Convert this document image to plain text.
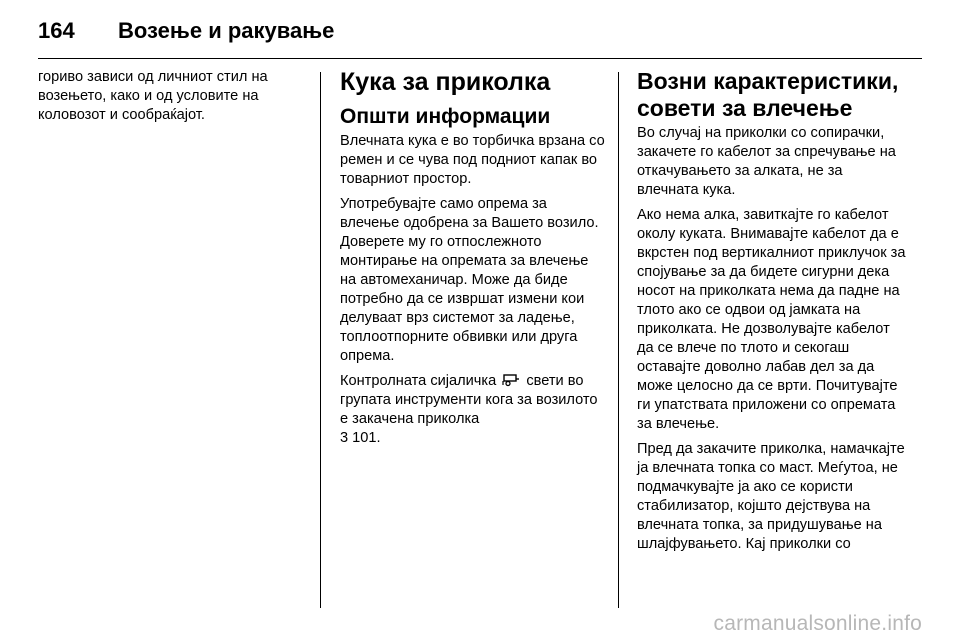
164	Возење и ракување

гориво зависи од личниот стил на возењето, како и од условите на коловозот и сообраќајот.

Кука за приколка
Општи информации

Влечната кука е во торбичка врзана со ремен и се чува под подниот капак во товарниот простор.

Употребувајте само опрема за влечење одобрена за Вашето возило. Доверете му го отпослежното монтирање на опремата за влечење на автомеханичар. Може да биде потребно да се извршат измени кои делуваат врз системот за ладење, топлоотпорните обвивки или друга опрема.

Контролната сијаличка свети во групата инструменти кога за возилото е закачена приколка
3 101.

Возни карактеристики, совети за влечење

Во случај на приколки со сопирачки, закачете го кабелот за спречување на откачувањето за алката, не за влечната кука.

Ако нема алка, завиткајте го кабелот околу куката. Внимавајте кабелот да е вкрстен под вертикалниот приклучок за спојување за да бидете сигурни дека носот на приколката нема да падне на тлото ако се одвои од јамката на приколката. Не дозволувајте кабелот да се влече по тлото и секогаш оставајте доволно лабав дел за да може целосно да се врти. Почитувајте ги упатствата приложени со опремата за влечење.

Пред да закачите приколка, намачкајте ја влечната топка со маст. Меѓутоа, не подмачкувајте ја ако се користи стабилизатор, којшто дејствува на влечната топка, за придушување на шлајфувањето. Кај приколки со

carmanualsonline.info
